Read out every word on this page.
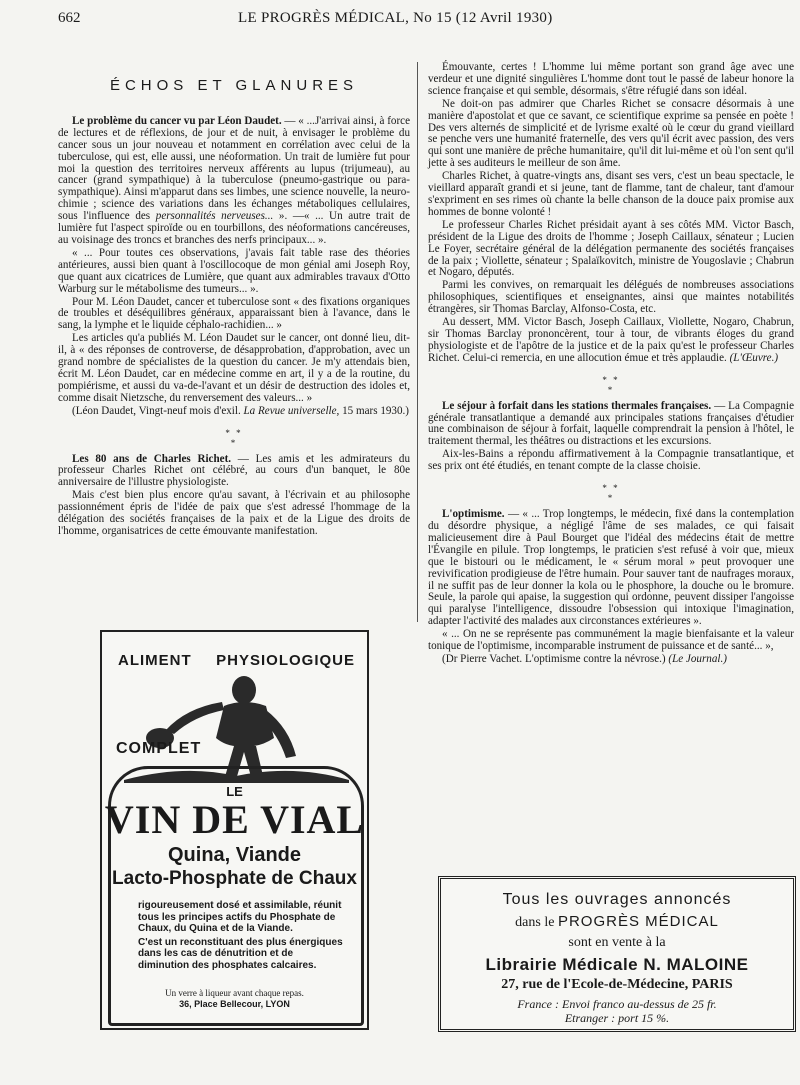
662	LE PROGRÈS MÉDICAL, No 15 (12 Avril 1930)
ÉCHOS ET GLANURES

Le problème du cancer vu par Léon Daudet. — « ...J'arrivai ainsi, à force de lectures et de réflexions, de jour et de nuit, à envisager le problème du cancer sous un jour nouveau et notamment en corrélation avec celui de la tuberculose, qui est, elle aussi, une néoformation. Un trait de lumière fut pour moi la question des territoires nerveux afférents au lupus (trijumeau), au cancer (grand sympathique) à la tuberculose (pneumo-gastrique ou para-sympathique). Ainsi m'apparut dans ses limbes, une science nouvelle, la neuro-chimie ; science des variations dans les échanges métaboliques cellulaires, sous l'influence des personnalités nerveuses... ». —« ... Un autre trait de lumière fut l'aspect spiroïde ou en tourbillons, des néoformations cancéreuses, au voisinage des troncs et branches des nerfs principaux... ».

« ... Pour toutes ces observations, j'avais fait table rase des théories antérieures, aussi bien quant à l'oscillocoque de mon génial ami Joseph Roy, que quant aux cicatrices de Lumière, que quant aux admirables travaux d'Otto Warburg sur le métabolisme des tumeurs... ».

Pour M. Léon Daudet, cancer et tuberculose sont « des fixations organiques de troubles et déséquilibres généraux, apparaissant bien à l'avance, dans le sang, la lymphe et le liquide céphalo-rachidien... »

Les articles qu'a publiés M. Léon Daudet sur le cancer, ont donné lieu, dit-il, à « des réponses de controverse, de désapprobation, d'approbation, avec un grand nombre de spécialistes de la question du cancer. Je m'y attendais bien, écrit M. Léon Daudet, car en médecine comme en art, il y a de la routine, du pompiérisme, et aussi du va-de-l'avant et un désir de destruction des idoles et, comme disait Nietzsche, du renversement des valeurs... »

(Léon Daudet, Vingt-neuf mois d'exil. La Revue universelle, 15 mars 1930.)

* *
*

Les 80 ans de Charles Richet. — Les amis et les admirateurs du professeur Charles Richet ont célébré, au cours d'un banquet, le 80e anniversaire de l'illustre physiologiste.

Mais c'est bien plus encore qu'au savant, à l'écrivain et au philosophe passionnément épris de l'idée de paix que s'est adressé l'hommage de la délégation des sociétés françaises de la paix et de la Ligue des droits de l'homme, organisatrices de cette émouvante manifestation.

Émouvante, certes ! L'homme lui même portant son grand âge avec une verdeur et une dignité singulières L'homme dont tout le passé de labeur honore la science française et qui semble, désormais, s'être réfugié dans son idéal.

Ne doit-on pas admirer que Charles Richet se consacre désormais à une manière d'apostolat et que ce savant, ce scientifique exprime sa pensée en poète ! Des vers alternés de simplicité et de lyrisme exalté où le cœur du grand vieillard se penche vers une humanité fraternelle, des vers qu'il écrit avec passion, des vers qui sont une manière de prêche humanitaire, qu'il dit lui-même et où l'on sent qu'il jette à ses auditeurs le meilleur de son âme.

Charles Richet, à quatre-vingts ans, disant ses vers, c'est un beau spectacle, le vieillard apparaît grandi et si jeune, tant de flamme, tant de chaleur, tant d'amour s'expriment en ses rimes où chante la belle chanson de la douce paix promise aux hommes de bonne volonté !

Le professeur Charles Richet présidait ayant à ses côtés MM. Victor Basch, président de la Ligue des droits de l'homme ; Joseph Caillaux, sénateur ; Lucien Le Foyer, secrétaire général de la délégation permanente des sociétés françaises de la paix ; Viollette, sénateur ; Spalaïkovitch, ministre de Yougoslavie ; Chabrun et Nogaro, députés.

Parmi les convives, on remarquait les délégués de nombreuses associations philosophiques, scientifiques et enseignantes, ainsi que maintes notabilités étrangères, sir Thomas Barclay, Alfonso-Costa, etc.

Au dessert, MM. Victor Basch, Joseph Caillaux, Viollette, Nogaro, Chabrun, sir Thomas Barclay prononcèrent, tour à tour, de vibrants éloges du grand physiologiste et de l'apôtre de la justice et de la paix qu'est le professeur Charles Richet. Celui-ci remercia, en une allocution émue et très applaudie. (L'Œuvre.)

* *
*

Le séjour à forfait dans les stations thermales françaises. — La Compagnie générale transatlantique a demandé aux principales stations françaises d'étudier une combinaison de séjour à forfait, laquelle comprendrait la pension à l'hôtel, le traitement thermal, les théâtres ou distractions et les excursions.

Aix-les-Bains a répondu affirmativement à la Compagnie transatlantique, et ses prix ont été étudiés, en tenant compte de la classe choisie.

* *
*

L'optimisme. — « ... Trop longtemps, le médecin, fixé dans la contemplation du désordre physique, a négligé l'âme de ses malades, ce qui faisait malicieusement dire à Paul Bourget que l'idéal des médecins était de mettre l'Évangile en pilule. Trop longtemps, le praticien s'est refusé à voir que, mieux que le bistouri ou le médicament, le « sérum moral » peut provoquer une revivification prodigieuse de l'être humain. Pour sauver tant de naufrages moraux, il ne suffit pas de leur donner la kola ou le phosphore, la douche ou le bromure. Seule, la parole qui apaise, la suggestion qui ordonne, peuvent dissiper l'angoisse qui paralyse l'intelligence, dissoudre l'obsession qui intoxique l'imagination, adapter l'activité des malades aux circonstances extérieures ».

« ... On ne se représente pas communément la magie bienfaisante et la valeur tonique de l'optimisme, incomparable instrument de puissance et de santé... »,

(Dr Pierre Vachet. L'optimisme contre la névrose.) (Le Journal.)

ALIMENT PHYSIOLOGIQUE
COMPLET
LE
VIN DE VIAL
Quina, Viande
Lacto-Phosphate de Chaux

rigoureusement dosé et assimilable, réunit tous les principes actifs du Phosphate de Chaux, du Quina et de la Viande.

C'est un reconstituant des plus énergiques dans les cas de dénutrition et de diminution des phosphates calcaires.

Un verre à liqueur avant chaque repas.
36, Place Bellecour, LYON
Tous les ouvrages annoncés
dans le PROGRÈS MÉDICAL
sont en vente à la
Librairie Médicale N. MALOINE
27, rue de l'Ecole-de-Médecine, PARIS
France : Envoi franco au-dessus de 25 fr.
Etranger : port 15 %.
